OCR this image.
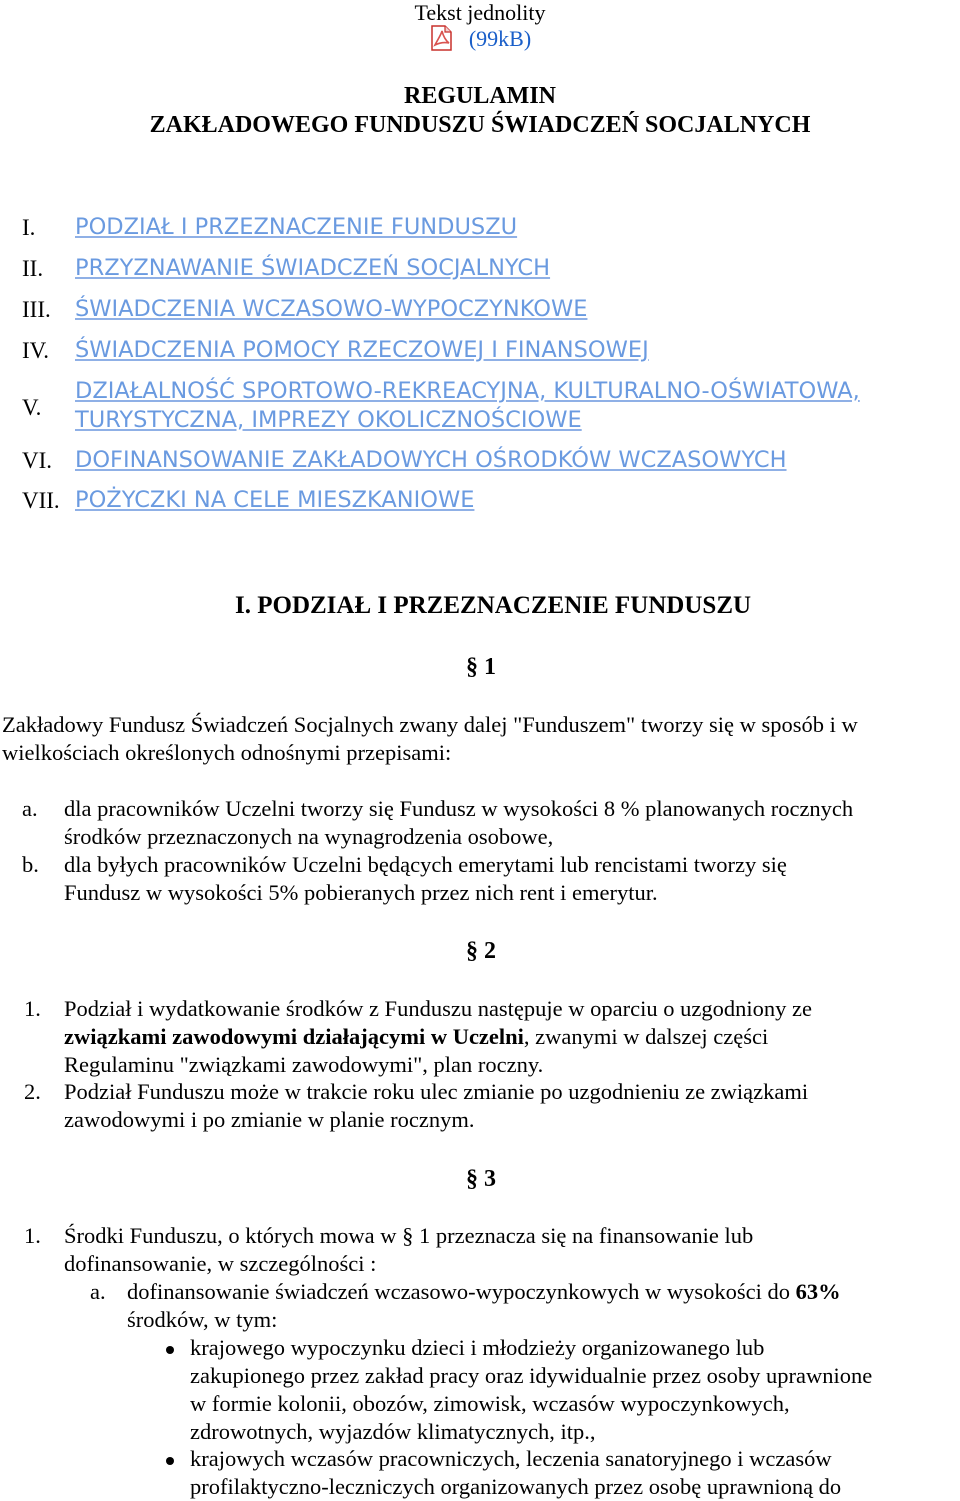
Tekst jednolity
(99kB)
REGULAMIN
ZAKŁADOWEGO FUNDUSZU ŚWIADCZEŃ SOCJALNYCH
I. PODZIAŁ I PRZEZNACZENIE FUNDUSZU
II. PRZYZNAWANIE ŚWIADCZEŃ SOCJALNYCH
III. ŚWIADCZENIA WCZASOWO-WYPOCZYNKOWE
IV. ŚWIADCZENIA POMOCY RZECZOWEJ I FINANSOWEJ
V.
DZIAŁALNOŚĆ SPORTOWO-REKREACYJNA, KULTURALNO-OŚWIATOWA,
TURYSTYCZNA, IMPREZY OKOLICZNOŚCIOWE
VI. DOFINANSOWANIE ZAKŁADOWYCH OŚRODKÓW WCZASOWYCH
VII. POŻYCZKI NA CELE MIESZKANIOWE
I. PODZIAŁ I PRZEZNACZENIE FUNDUSZU
§ 1
Zakładowy Fundusz Świadczeń Socjalnych zwany dalej "Funduszem" tworzy się w sposób i w
wielkościach określonych odnośnymi przepisami:
a. dla pracowników Uczelni tworzy się Fundusz w wysokości 8 % planowanych rocznych
środków przeznaczonych na wynagrodzenia osobowe,
b. dla byłych pracowników Uczelni będących emerytami lub rencistami tworzy się
Fundusz w wysokości 5% pobieranych przez nich rent i emerytur.
§ 2
1. Podział i wydatkowanie środków z Funduszu następuje w oparciu o uzgodniony ze
związkami zawodowymi działającymi w Uczelni, zwanymi w dalszej części
Regulaminu "związkami zawodowymi", plan roczny.
2. Podział Funduszu może w trakcie roku ulec zmianie po uzgodnieniu ze związkami
zawodowymi i po zmianie w planie rocznym.
§ 3
1. Środki Funduszu, o których mowa w § 1 przeznacza się na finansowanie lub
dofinansowanie, w szczególności :
a. dofinansowanie świadczeń wczasowo-wypoczynkowych w wysokości do 63%
środków, w tym:
krajowego wypoczynku dzieci i młodzieży organizowanego lub
zakupionego przez zakład pracy oraz idywidualnie przez osoby uprawnione
w formie kolonii, obozów, zimowisk, wczasów wypoczynkowych,
zdrowotnych, wyjazdów klimatycznych, itp.,
krajowych wczasów pracowniczych, leczenia sanatoryjnego i wczasów
profilaktyczno-leczniczych organizowanych przez osobę uprawnioną do
